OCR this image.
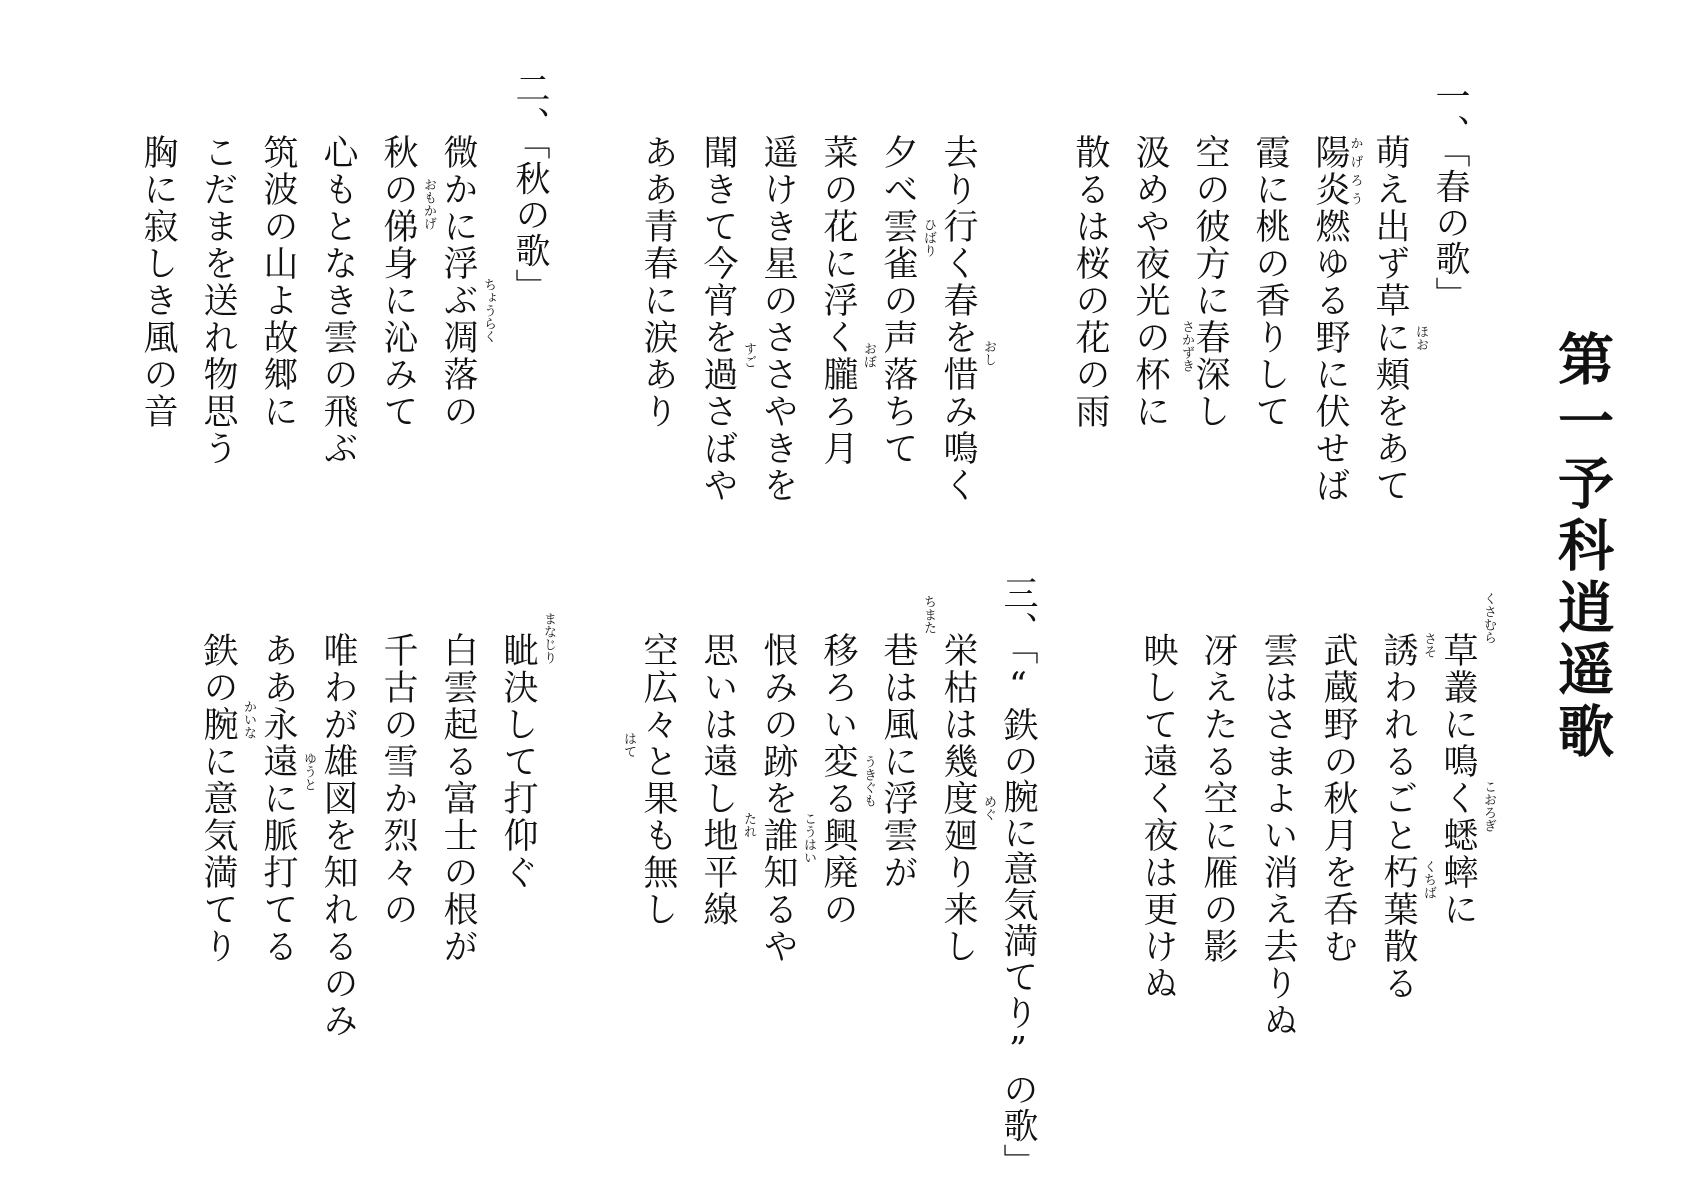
第一予科逍遥歌
一、「春の歌」
萌え出ず草に頬をあて
陽炎かげろう燃ゆる野に伏せば
霞に桃の香りして
空の彼方に春深し
汲めや夜光の杯に
散るは桜の花の雨
去り行く春を惜み鳴く
夕べ雲雀の声落ちて
菜の花に浮く朧ろ月
遥けき星のささやきを
聞きて今宵を過さばや
ああ青春に涙あり
二、「秋の歌」
微かに浮ぶ凋落の
秋の俤身に沁みて
心もとなき雲の飛ぶ
筑波の山よ故郷に
こだまを送れ物思う
胸に寂しき風の音
草叢に鳴く蟋蟀に
誘われるごと朽葉散る
武蔵野の秋月を呑む
雲はさまよい消え去りぬ
冴えたる空に雁の影
映して遠く夜は更けぬ
三、「“鉄の腕に意気満てり”の歌」
栄枯は幾度廻り来し
巷は風に浮雲が
移ろい変る興廃の
恨みの跡を誰知るや
思いは遠し地平線
空広々と果も無し
眦決して打仰ぐ
白雲起る富士の根が
千古の雪か烈々の
唯わが雄図を知れるのみ
ああ永遠に脈打てる
鉄の腕に意気満てり
ほお
さかずき
おし
ひばり
おぼ
すご
ちょうらく
おもかげ
くさむら
こおろぎ
さそ
くちば
めぐ
ちまた
うきぐも
こうはい
たれ
はて
まなじり
ゆうと
かいな
